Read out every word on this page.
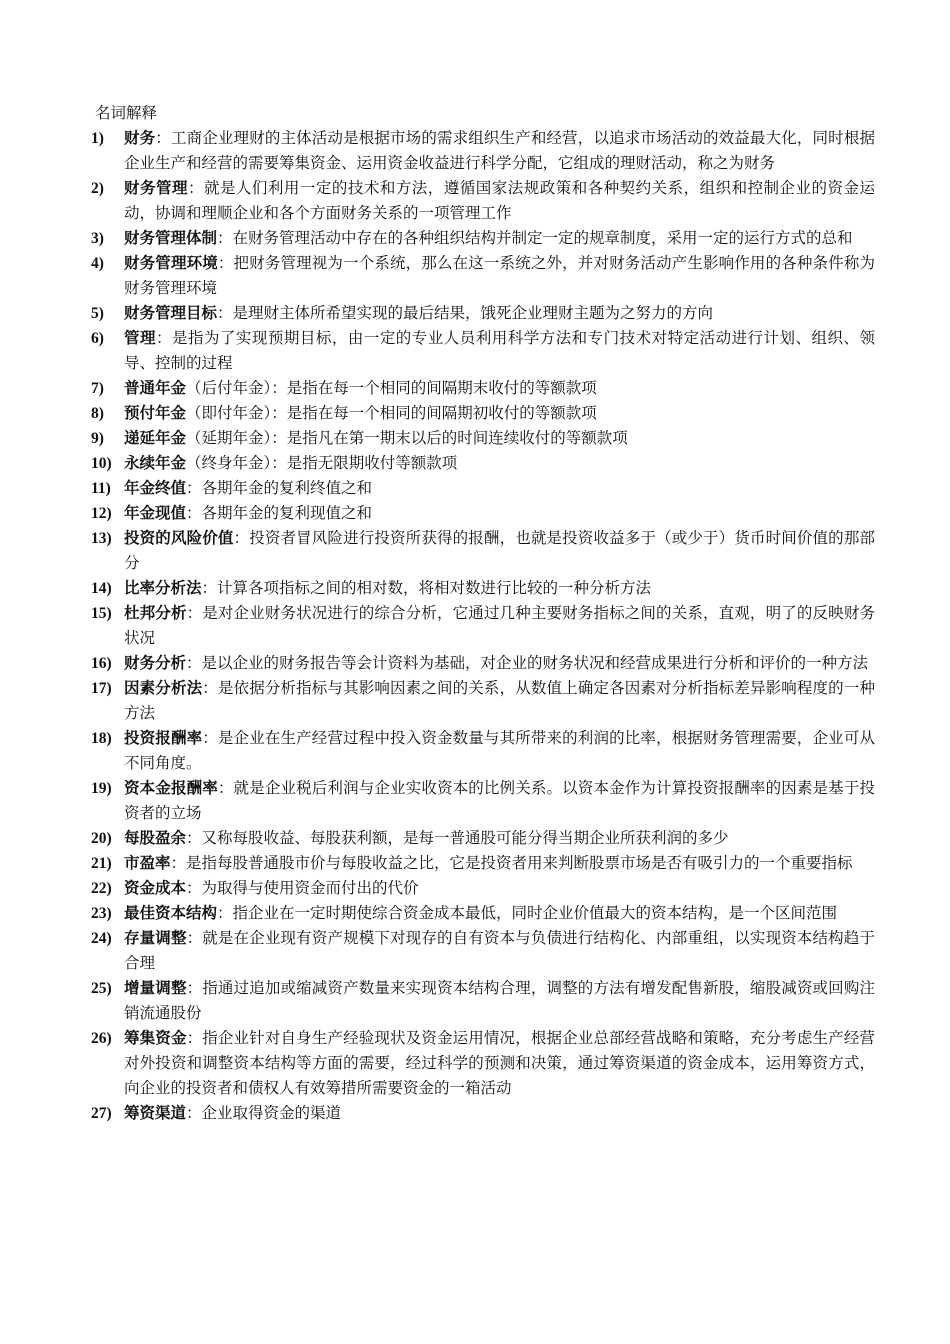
名词解释

1) 财务：工商企业理财的主体活动是根据市场的需求组织生产和经营，以追求市场活动的效益最大化，同时根据企业生产和经营的需要筹集资金、运用资金收益进行科学分配，它组成的理财活动，称之为财务
2) 财务管理：就是人们利用一定的技术和方法，遵循国家法规政策和各种契约关系，组织和控制企业的资金运动，协调和理顺企业和各个方面财务关系的一项管理工作
3) 财务管理体制：在财务管理活动中存在的各种组织结构并制定一定的规章制度，采用一定的运行方式的总和
4) 财务管理环境：把财务管理视为一个系统，那么在这一系统之外，并对财务活动产生影响作用的各种条件称为财务管理环境
5) 财务管理目标：是理财主体所希望实现的最后结果，饿死企业理财主题为之努力的方向
6) 管理：是指为了实现预期目标，由一定的专业人员利用科学方法和专门技术对特定活动进行计划、组织、领导、控制的过程
7) 普通年金（后付年金）：是指在每一个相同的间隔期末收付的等额款项
8) 预付年金（即付年金）：是指在每一个相同的间隔期初收付的等额款项
9) 递延年金（延期年金）：是指凡在第一期末以后的时间连续收付的等额款项
10) 永续年金（终身年金）：是指无限期收付等额款项
11) 年金终值：各期年金的复利终值之和
12) 年金现值：各期年金的复利现值之和
13) 投资的风险价值：投资者冒风险进行投资所获得的报酬，也就是投资收益多于（或少于）货币时间价值的那部分
14) 比率分析法：计算各项指标之间的相对数，将相对数进行比较的一种分析方法
15) 杜邦分析：是对企业财务状况进行的综合分析，它通过几种主要财务指标之间的关系，直观，明了的反映财务状况
16) 财务分析：是以企业的财务报告等会计资料为基础，对企业的财务状况和经营成果进行分析和评价的一种方法
17) 因素分析法：是依据分析指标与其影响因素之间的关系，从数值上确定各因素对分析指标差异影响程度的一种方法
18) 投资报酬率：是企业在生产经营过程中投入资金数量与其所带来的利润的比率，根据财务管理需要，企业可从不同角度。
19) 资本金报酬率：就是企业税后利润与企业实收资本的比例关系。以资本金作为计算投资报酬率的因素是基于投资者的立场
20) 每股盈余：又称每股收益、每股获利额，是每一普通股可能分得当期企业所获利润的多少
21) 市盈率：是指每股普通股市价与每股收益之比，它是投资者用来判断股票市场是否有吸引力的一个重要指标
22) 资金成本：为取得与使用资金而付出的代价
23) 最佳资本结构：指企业在一定时期使综合资金成本最低，同时企业价值最大的资本结构，是一个区间范围
24) 存量调整：就是在企业现有资产规模下对现存的自有资本与负债进行结构化、内部重组，以实现资本结构趋于合理
25) 增量调整：指通过追加或缩减资产数量来实现资本结构合理，调整的方法有增发配售新股，缩股减资或回购注销流通股份
26) 筹集资金：指企业针对自身生产经验现状及资金运用情况，根据企业总部经营战略和策略，充分考虑生产经营对外投资和调整资本结构等方面的需要，经过科学的预测和决策，通过筹资渠道的资金成本，运用筹资方式，向企业的投资者和债权人有效筹措所需要资金的一箱活动
27) 筹资渠道：企业取得资金的渠道
